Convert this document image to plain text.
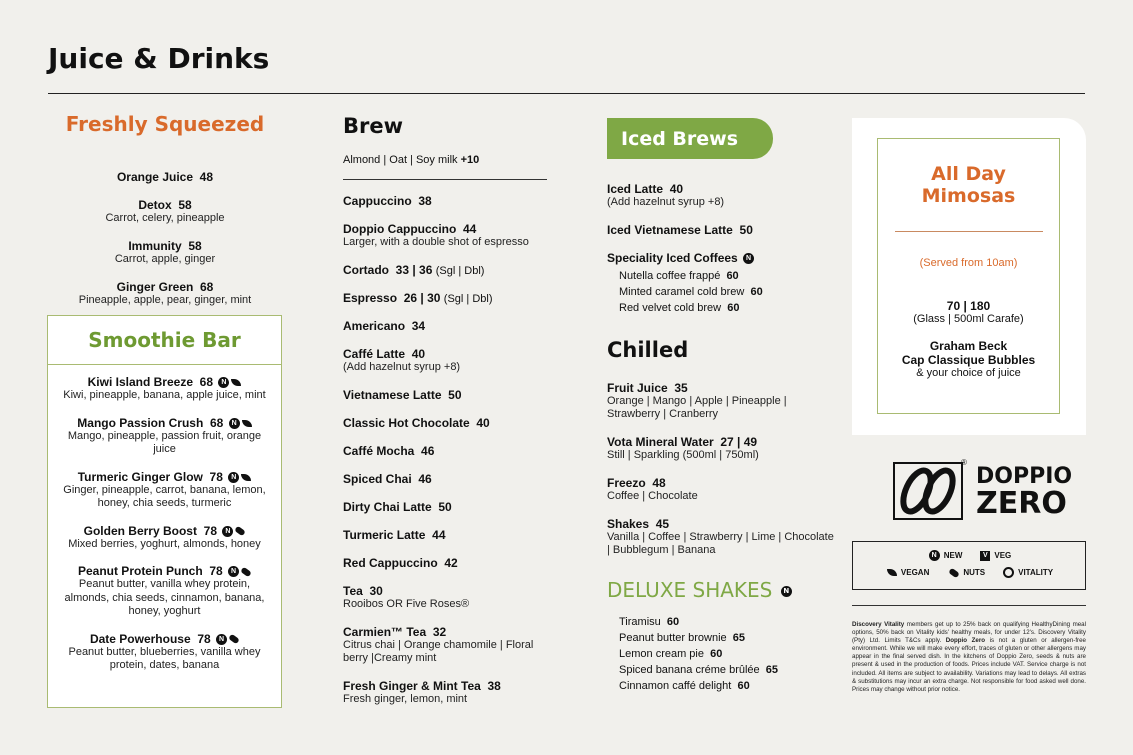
Juice & Drinks
Freshly Squeezed
Orange Juice 48
Detox 58
Carrot, celery, pineapple
Immunity 58
Carrot, apple, ginger
Ginger Green 68
Pineapple, apple, pear, ginger, mint
Smoothie Bar
Kiwi Island Breeze 68 N
Kiwi, pineapple, banana, apple juice, mint
Mango Passion Crush 68 N
Mango, pineapple, passion fruit, orange juice
Turmeric Ginger Glow 78 N
Ginger, pineapple, carrot, banana, lemon, honey, chia seeds, turmeric
Golden Berry Boost 78 N
Mixed berries, yoghurt, almonds, honey
Peanut Protein Punch 78 N
Peanut butter, vanilla whey protein, almonds, chia seeds, cinnamon, banana, honey, yoghurt
Date Powerhouse 78 N
Peanut butter, blueberries, vanilla whey protein, dates, banana
Brew
Almond | Oat | Soy milk +10
Cappuccino 38
Doppio Cappuccino 44
Larger, with a double shot of espresso
Cortado 33 | 36 (Sgl | Dbl)
Espresso 26 | 30 (Sgl | Dbl)
Americano 34
Caffé Latte 40
(Add hazelnut syrup +8)
Vietnamese Latte 50
Classic Hot Chocolate 40
Caffé Mocha 46
Spiced Chai 46
Dirty Chai Latte 50
Turmeric Latte 44
Red Cappuccino 42
Tea 30
Rooibos OR Five Roses®
Carmien™ Tea 32
Citrus chai | Orange chamomile | Floral berry |Creamy mint
Fresh Ginger & Mint Tea 38
Fresh ginger, lemon, mint
Iced Brews
Iced Latte 40
(Add hazelnut syrup +8)
Iced Vietnamese Latte 50
Speciality Iced Coffees N
Nutella coffee frappé 60
Minted caramel cold brew 60
Red velvet cold brew 60
Chilled
Fruit Juice 35
Orange | Mango | Apple | Pineapple | Strawberry | Cranberry
Vota Mineral Water 27 | 49
Still | Sparkling (500ml | 750ml)
Freezo 48
Coffee | Chocolate
Shakes 45
Vanilla | Coffee | Strawberry | Lime | Chocolate | Bubblegum | Banana
DELUXE SHAKES N
Tiramisu 60
Peanut butter brownie 65
Lemon cream pie 60
Spiced banana créme brûlée 65
Cinnamon caffé delight 60
All Day
Mimosas
(Served from 10am)
70 | 180
(Glass | 500ml Carafe)
Graham Beck
Cap Classique Bubbles
& your choice of juice
®
DOPPIO
ZERO
N NEW	V VEG
VEGAN	NUTS	VITALITY
Discovery Vitality members get up to 25% back on qualifying HealthyDining meal options, 50% back on Vitality kids' healthy meals, for under 12's. Discovery Vitality (Pty) Ltd. Limits T&Cs apply. Doppio Zero is not a gluten or allergen-free environment. While we will make every effort, traces of gluten or other allergens may appear in the final served dish. In the kitchens of Doppio Zero, seeds & nuts are present & used in the production of foods. Prices include VAT. Service charge is not included. All items are subject to availability. Variations may lead to delays. All extras & substitutions may incur an extra charge. Not responsible for food asked well done. Prices may change without prior notice.
